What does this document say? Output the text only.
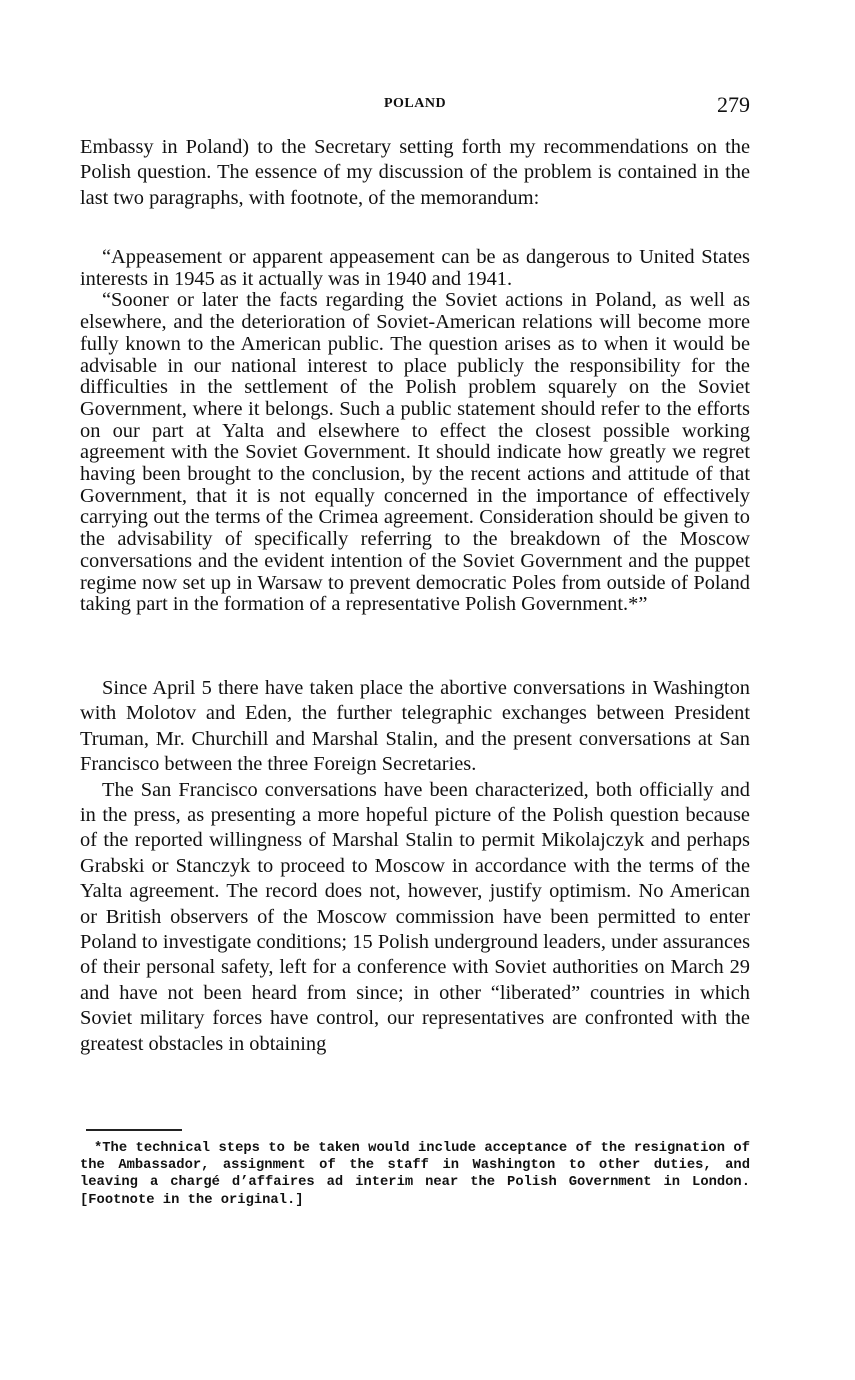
POLAND	279

Embassy in Poland) to the Secretary setting forth my recommendations on the Polish question. The essence of my discussion of the problem is contained in the last two paragraphs, with footnote, of the memorandum:

“Appeasement or apparent appeasement can be as dangerous to United States interests in 1945 as it actually was in 1940 and 1941.

“Sooner or later the facts regarding the Soviet actions in Poland, as well as elsewhere, and the deterioration of Soviet-American relations will become more fully known to the American public. The question arises as to when it would be advisable in our national interest to place publicly the responsibility for the difficulties in the settlement of the Polish problem squarely on the Soviet Government, where it belongs. Such a public statement should refer to the efforts on our part at Yalta and elsewhere to effect the closest possible working agreement with the Soviet Government. It should indicate how greatly we regret having been brought to the conclusion, by the recent actions and attitude of that Government, that it is not equally concerned in the importance of effectively carrying out the terms of the Crimea agreement. Consideration should be given to the advisability of specifically referring to the breakdown of the Moscow conversations and the evident intention of the Soviet Government and the puppet regime now set up in Warsaw to prevent democratic Poles from outside of Poland taking part in the formation of a representative Polish Government.*”

Since April 5 there have taken place the abortive conversations in Washington with Molotov and Eden, the further telegraphic exchanges between President Truman, Mr. Churchill and Marshal Stalin, and the present conversations at San Francisco between the three Foreign Secretaries.

The San Francisco conversations have been characterized, both officially and in the press, as presenting a more hopeful picture of the Polish question because of the reported willingness of Marshal Stalin to permit Mikolajczyk and perhaps Grabski or Stanczyk to proceed to Moscow in accordance with the terms of the Yalta agreement. The record does not, however, justify optimism. No American or British observers of the Moscow commission have been permitted to enter Poland to investigate conditions; 15 Polish underground leaders, under assurances of their personal safety, left for a conference with Soviet authorities on March 29 and have not been heard from since; in other “liberated” countries in which Soviet military forces have control, our representatives are confronted with the greatest obstacles in obtaining

*The technical steps to be taken would include acceptance of the resignation of the Ambassador, assignment of the staff in Washington to other duties, and leaving a chargé d’affaires ad interim near the Polish Government in London. [Footnote in the original.]
